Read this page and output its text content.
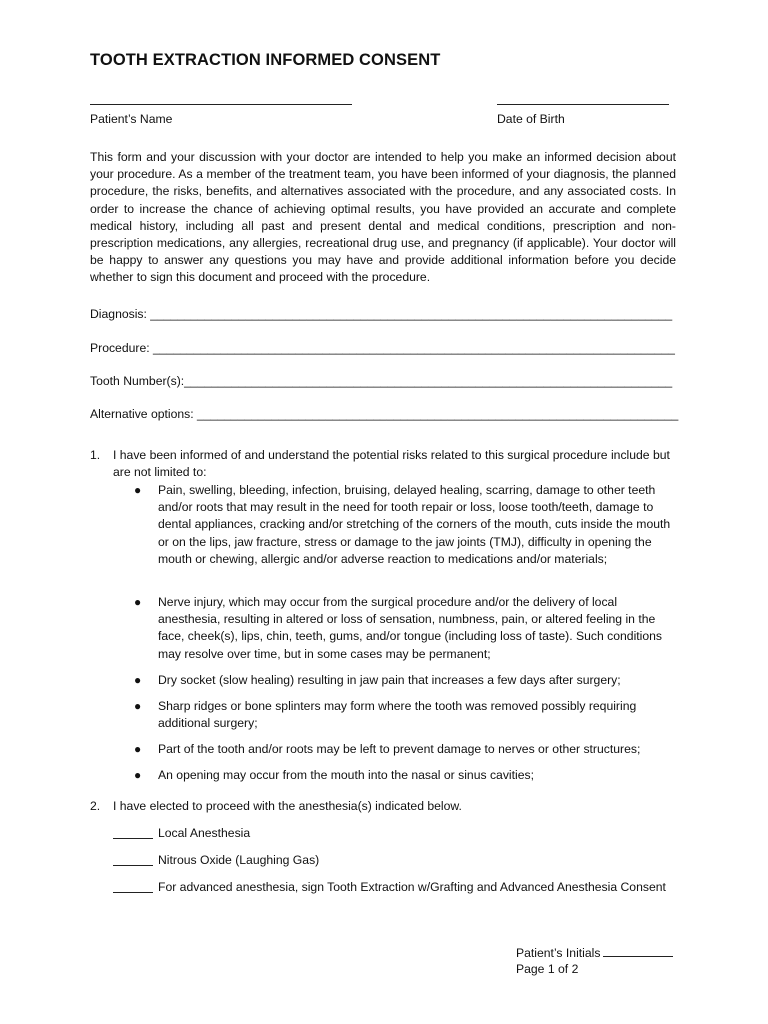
TOOTH EXTRACTION INFORMED CONSENT
Patient’s Name	Date of Birth
This form and your discussion with your doctor are intended to help you make an informed decision about your procedure. As a member of the treatment team, you have been informed of your diagnosis, the planned procedure, the risks, benefits, and alternatives associated with the procedure, and any associated costs. In order to increase the chance of achieving optimal results, you have provided an accurate and complete medical history, including all past and present dental and medical conditions, prescription and non-prescription medications, any allergies, recreational drug use, and pregnancy (if applicable). Your doctor will be happy to answer any questions you may have and provide additional information before you decide whether to sign this document and proceed with the procedure.
Diagnosis: _____________________________________________________________________________
Procedure: _____________________________________________________________________________
Tooth Number(s):________________________________________________________________________
Alternative options: _______________________________________________________________________
1. I have been informed of and understand the potential risks related to this surgical procedure include but are not limited to:
● Pain, swelling, bleeding, infection, bruising, delayed healing, scarring, damage to other teeth and/or roots that may result in the need for tooth repair or loss, loose tooth/teeth, damage to dental appliances, cracking and/or stretching of the corners of the mouth, cuts inside the mouth or on the lips, jaw fracture, stress or damage to the jaw joints (TMJ), difficulty in opening the mouth or chewing, allergic and/or adverse reaction to medications and/or materials;
● Nerve injury, which may occur from the surgical procedure and/or the delivery of local anesthesia, resulting in altered or loss of sensation, numbness, pain, or altered feeling in the face, cheek(s), lips, chin, teeth, gums, and/or tongue (including loss of taste). Such conditions may resolve over time, but in some cases may be permanent;
● Dry socket (slow healing) resulting in jaw pain that increases a few days after surgery;
● Sharp ridges or bone splinters may form where the tooth was removed possibly requiring additional surgery;
● Part of the tooth and/or roots may be left to prevent damage to nerves or other structures;
● An opening may occur from the mouth into the nasal or sinus cavities;
2. I have elected to proceed with the anesthesia(s) indicated below.
Local Anesthesia
Nitrous Oxide (Laughing Gas)
For advanced anesthesia, sign Tooth Extraction w/Grafting and Advanced Anesthesia Consent
Patient’s Initials
Page 1 of 2
